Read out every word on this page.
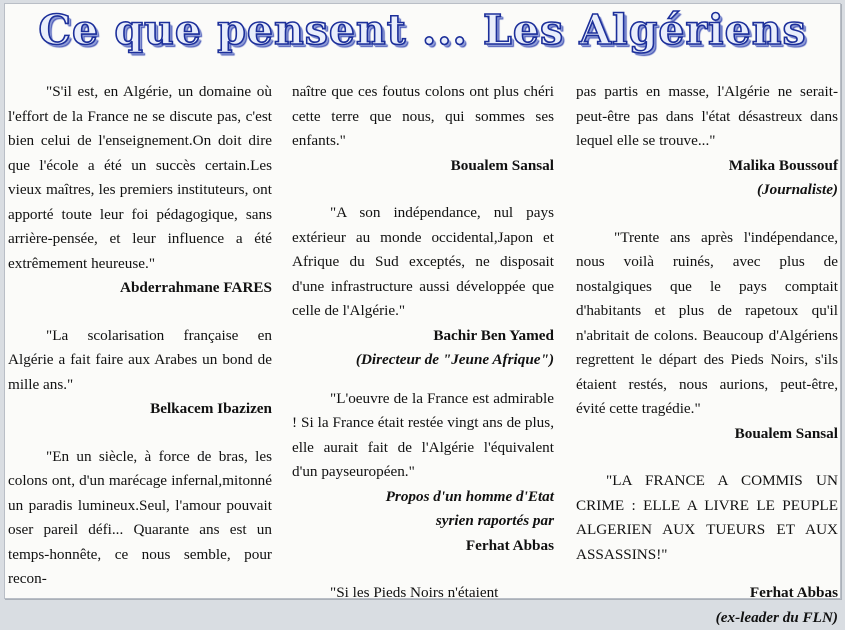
Ce que pensent ... Les Algériens

"S'il est, en Algérie, un domaine où l'effort de la France ne se discute pas, c'est bien celui de l'enseignement.On doit dire que l'école a été un succès certain.Les vieux maîtres, les premiers instituteurs, ont apporté toute leur foi pédagogique, sans arrière-pensée, et leur influence a été extrêmement heureuse."

Abderrahmane FARES

"La scolarisation française en Algérie a fait faire aux Arabes un bond de mille ans."

Belkacem Ibazizen

"En un siècle, à force de bras, les colons ont, d'un marécage infernal,mitonné un paradis lumineux.Seul, l'amour pouvait oser pareil défi... Quarante ans est un temps-honnête, ce nous semble, pour recon-

naître que ces foutus colons ont plus chéri cette terre que nous, qui sommes ses enfants."

Boualem Sansal

"A son indépendance, nul pays extérieur au monde occidental,Japon et Afrique du Sud exceptés, ne disposait d'une infrastructure aussi développée que celle de l'Algérie."

Bachir Ben Yamed

(Directeur de "Jeune Afrique")

"L'oeuvre de la France est admirable ! Si la France était restée vingt ans de plus, elle aurait fait de l'Algérie l'équivalent d'un payseuropéen."

Propos d'un homme d'Etat

syrien raportés par

Ferhat Abbas

"Si les Pieds Noirs n'étaient

pas partis en masse, l'Algérie ne serait-peut-être pas dans l'état désastreux dans lequel elle se trouve..."

Malika Boussouf

(Journaliste)

"Trente ans après l'indépendance, nous voilà ruinés, avec plus de nostalgiques que le pays comptait d'habitants et plus de rapetoux qu'il n'abritait de colons. Beaucoup d'Algériens regrettent le départ des Pieds Noirs, s'ils étaient restés, nous aurions, peut-être, évité cette tragédie."

Boualem Sansal

"LA FRANCE A COMMIS UN CRIME : ELLE A LIVRE LE PEUPLE ALGERIEN AUX TUEURS ET AUX ASSASSINS!"

Ferhat Abbas

(ex-leader du FLN)
